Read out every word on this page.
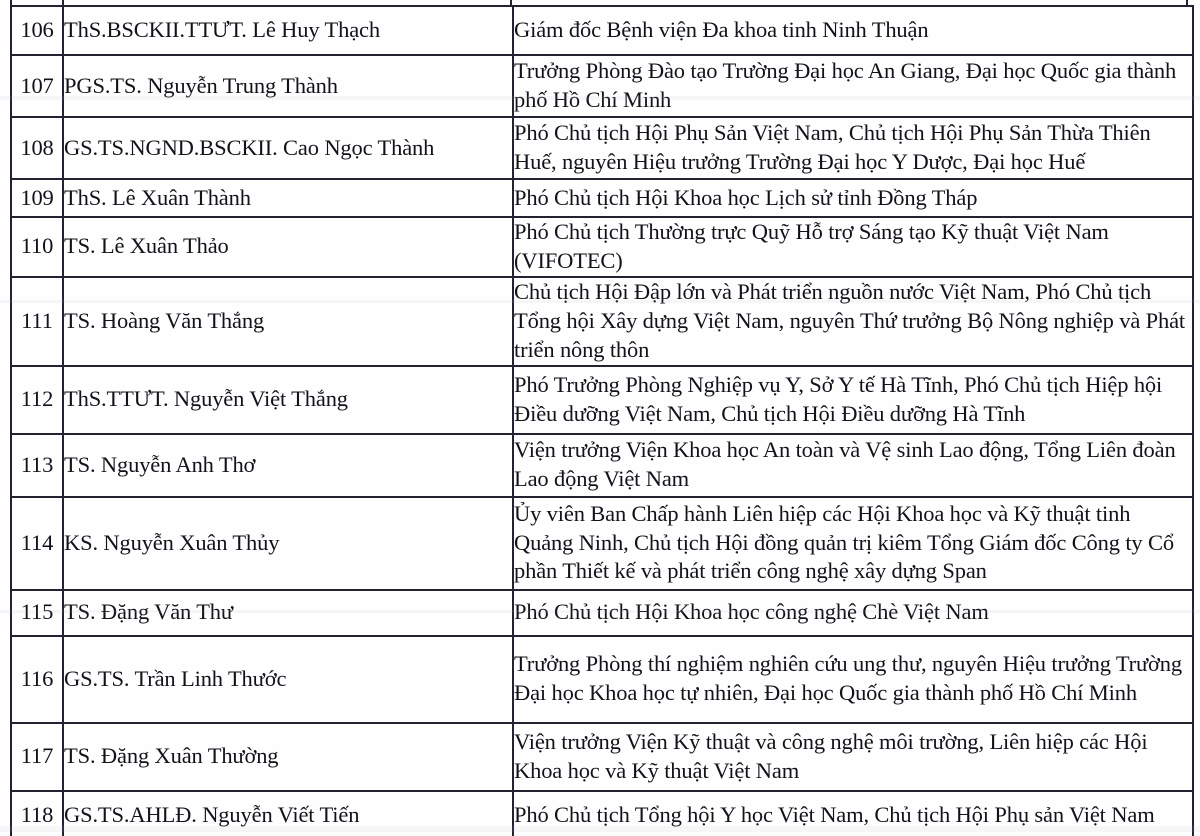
106	ThS.BSCKII.TTƯT. Lê Huy Thạch	Giám đốc Bệnh viện Đa khoa tinh Ninh Thuận

107	PGS.TS. Nguyễn Trung Thành	Trưởng Phòng Đào tạo Trường Đại học An Giang, Đại học Quốc gia thành phố Hồ Chí Minh

108	GS.TS.NGND.BSCKII. Cao Ngọc Thành	Phó Chủ tịch Hội Phụ Sản Việt Nam, Chủ tịch Hội Phụ Sản Thừa Thiên Huế, nguyên Hiệu trưởng Trường Đại học Y Dược, Đại học Huế

109	ThS. Lê Xuân Thành	Phó Chủ tịch Hội Khoa học Lịch sử tỉnh Đồng Tháp

110	TS. Lê Xuân Thảo	Phó Chủ tịch Thường trực Quỹ Hỗ trợ Sáng tạo Kỹ thuật Việt Nam (VIFOTEC)

111	TS. Hoàng Văn Thắng	Chủ tịch Hội Đập lớn và Phát triển nguồn nước Việt Nam, Phó Chủ tịch Tổng hội Xây dựng Việt Nam, nguyên Thứ trưởng Bộ Nông nghiệp và Phát triển nông thôn

112	ThS.TTƯT. Nguyễn Việt Thắng	Phó Trưởng Phòng Nghiệp vụ Y, Sở Y tế Hà Tĩnh, Phó Chủ tịch Hiệp hội Điều dưỡng Việt Nam, Chủ tịch Hội Điều dưỡng Hà Tĩnh

113	TS. Nguyễn Anh Thơ	Viện trưởng Viện Khoa học An toàn và Vệ sinh Lao động, Tổng Liên đoàn Lao động Việt Nam

114	KS. Nguyễn Xuân Thủy	Ủy viên Ban Chấp hành Liên hiệp các Hội Khoa học và Kỹ thuật tinh Quảng Ninh, Chủ tịch Hội đồng quản trị kiêm Tổng Giám đốc Công ty Cổ phần Thiết kế và phát triển công nghệ xây dựng Span

115	TS. Đặng Văn Thư	Phó Chủ tịch Hội Khoa học công nghệ Chè Việt Nam

116	GS.TS. Trần Linh Thước	Trưởng Phòng thí nghiệm nghiên cứu ung thư, nguyên Hiệu trưởng Trường Đại học Khoa học tự nhiên, Đại học Quốc gia thành phố Hồ Chí Minh

117	TS. Đặng Xuân Thường	Viện trưởng Viện Kỹ thuật và công nghệ môi trường, Liên hiệp các Hội Khoa học và Kỹ thuật Việt Nam

118	GS.TS.AHLĐ. Nguyễn Viết Tiến	Phó Chủ tịch Tổng hội Y học Việt Nam, Chủ tịch Hội Phụ sản Việt Nam
